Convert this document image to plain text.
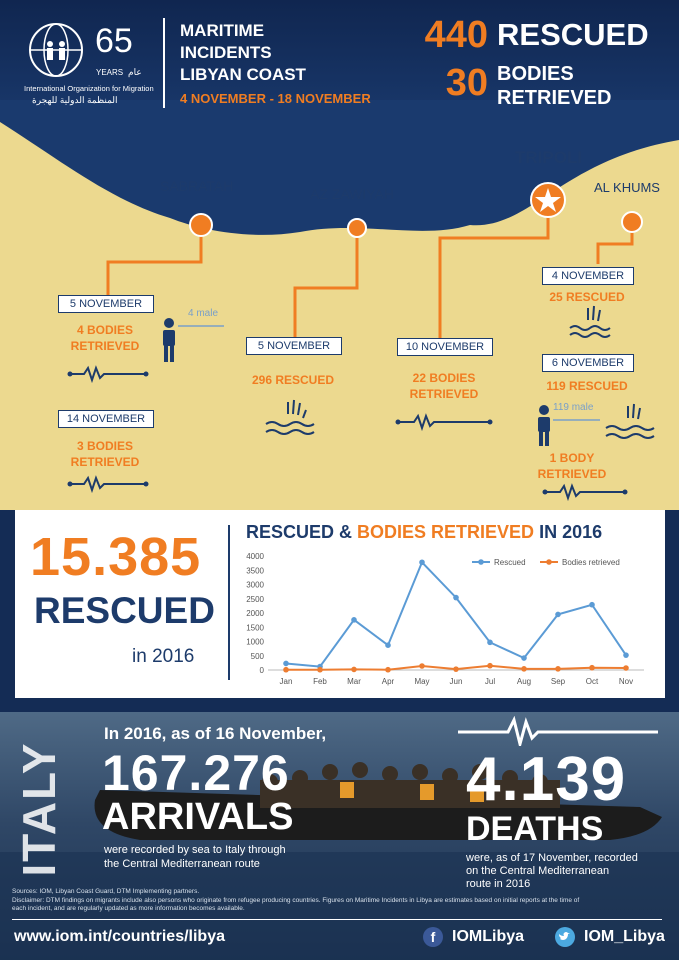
65
YEARS عام
International Organization for Migration
المنظمة الدولية للهجرة
MARITIME
INCIDENTS
LIBYAN COAST
4 NOVEMBER - 18 NOVEMBER
440 RESCUED
30 BODIES
RETRIEVED
SABRATAH	AZ ZAWIYAH
TRIPOLI
AL KHUMS
5 NOVEMBER
4 BODIES
RETRIEVED
4 male
14 NOVEMBER
3 BODIES
RETRIEVED
5 NOVEMBER
296 RESCUED
10 NOVEMBER
22 BODIES
RETRIEVED
4 NOVEMBER
25 RESCUED
6 NOVEMBER
119 RESCUED
119 male
1 BODY
RETRIEVED
15.385
RESCUED
in 2016
RESCUED & BODIES RETRIEVED IN 2016
0
500
1000
1500
2000
2500
3000
3500
4000
Jan	Feb	Mar	Apr	May Jun	Jul	Aug Sep	Oct	Nov
Rescued	Bodies retrieved
ITALY
In 2016, as of 16 November,
167.276
ARRIVALS
were recorded by sea to Italy through
the Central Mediterranean route
4.139
DEATHS
were, as of 17 November, recorded
on the Central Mediterranean
route in 2016
Sources: IOM, Libyan Coast Guard, DTM Implementing partners.
Disclaimer: DTM findings on migrants include also persons who originate from refugee producing countries. Figures on Maritime Incidents in Libya are estimates based on initial reports at the time of
each incident, and are regularly updated as more information becomes available.
www.iom.int/countries/libya	f	IOMLibya	IOM_Libya
